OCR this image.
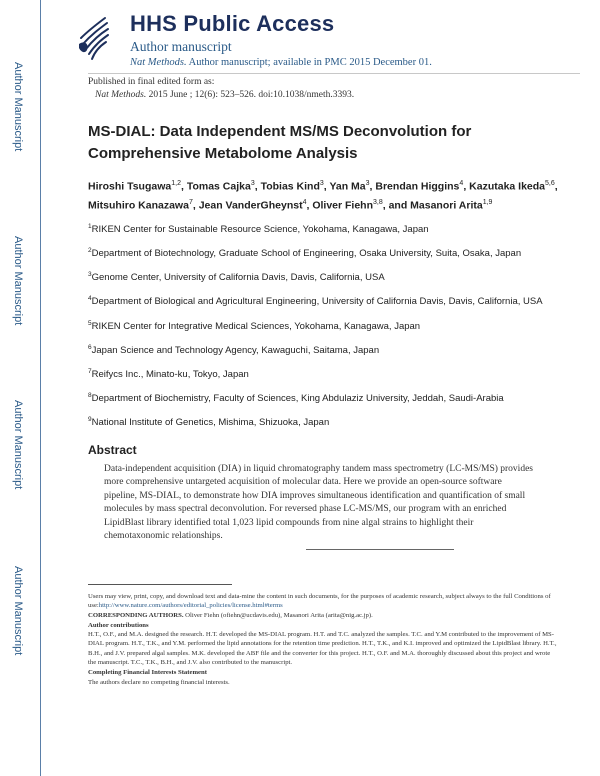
Author Manuscript
Author Manuscript
Author Manuscript
Author Manuscript
HHS Public Access
Author manuscript
Nat Methods. Author manuscript; available in PMC 2015 December 01.
Published in final edited form as:
Nat Methods. 2015 June ; 12(6): 523–526. doi:10.1038/nmeth.3393.
MS-DIAL: Data Independent MS/MS Deconvolution for Comprehensive Metabolome Analysis
Hiroshi Tsugawa$^{1,2}$, Tomas Cajka$^3$, Tobias Kind$^3$, Yan Ma$^3$, Brendan Higgins$^4$, Kazutaka Ikeda$^{5,6}$, Mitsuhiro Kanazawa$^7$, Jean VanderGheynst$^4$, Oliver Fiehn$^{3,8}$, and Masanori Arita$^{1,9}$

$^1$RIKEN Center for Sustainable Resource Science, Yokohama, Kanagawa, Japan

$^2$Department of Biotechnology, Graduate School of Engineering, Osaka University, Suita, Osaka, Japan

$^3$Genome Center, University of California Davis, Davis, California, USA

$^4$Department of Biological and Agricultural Engineering, University of California Davis, Davis, California, USA

$^5$RIKEN Center for Integrative Medical Sciences, Yokohama, Kanagawa, Japan

$^6$Japan Science and Technology Agency, Kawaguchi, Saitama, Japan

$^7$Reifycs Inc., Minato-ku, Tokyo, Japan

$^8$Department of Biochemistry, Faculty of Sciences, King Abdulaziz University, Jeddah, Saudi-Arabia

$^9$National Institute of Genetics, Mishima, Shizuoka, Japan

Abstract
Data-independent acquisition (DIA) in liquid chromatography tandem mass spectrometry (LC-MS/MS) provides more comprehensive untargeted acquisition of molecular data. Here we provide an open-source software pipeline, MS-DIAL, to demonstrate how DIA improves simultaneous identification and quantification of small molecules by mass spectral deconvolution. For reversed phase LC-MS/MS, our program with an enriched LipidBlast library identified total 1,023 lipid compounds from nine algal strains to highlight their chemotaxonomic relationships.

Users may view, print, copy, and download text and data-mine the content in such documents, for the purposes of academic research, subject always to the full Conditions of use:http://www.nature.com/authors/editorial_policies/license.html#terms

CORRESPONDING AUTHORS. Oliver Fiehn (ofiehn@ucdavis.edu), Masanori Arita (arita@nig.ac.jp).

Author contributions

H.T., O.F., and M.A. designed the research. H.T. developed the MS-DIAL program. H.T. and T.C. analyzed the samples. T.C. and Y.M contributed to the improvement of MS-DIAL program. H.T., T.K., and Y.M. performed the lipid annotations for the retention time prediction. H.T., T.K., and K.I. improved and optimized the LipidBlast library. H.T., B.H., and J.V. prepared algal samples. M.K. developed the ABF file and the converter for this project. H.T., O.F. and M.A. thoroughly discussed about this project and wrote the manuscript. T.C., T.K., B.H., and J.V. also contributed to the manuscript.

Completing Financial Interests Statement

The authors declare no competing financial interests.
